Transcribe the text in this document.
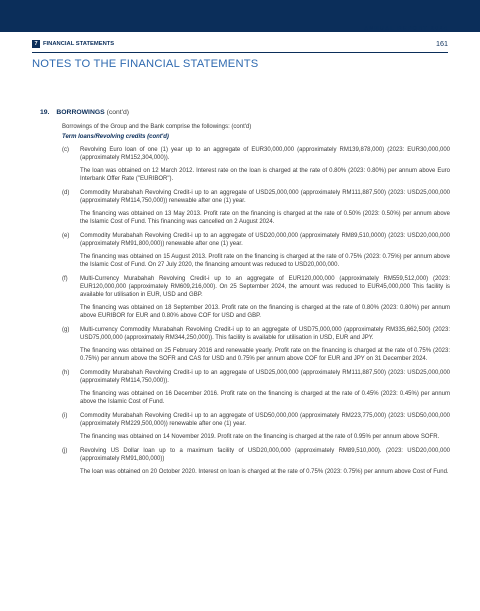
ANNUAL REPORT 2024
7 FINANCIAL STATEMENTS	161
NOTES TO THE FINANCIAL STATEMENTS
19. BORROWINGS (cont'd)
Borrowings of the Group and the Bank comprise the followings: (cont'd)
Term loans/Revolving credits (cont'd)
(c) Revolving Euro loan of one (1) year up to an aggregate of EUR30,000,000 (approximately RM139,878,000) (2023: EUR30,000,000 (approximately RM152,304,000)).

The loan was obtained on 12 March 2012. Interest rate on the loan is charged at the rate of 0.80% (2023: 0.80%) per annum above Euro Interbank Offer Rate ("EURIBOR").

(d) Commodity Murabahah Revolving Credit-i up to an aggregate of USD25,000,000 (approximately RM111,887,500) (2023: USD25,000,000 (approximately RM114,750,000)) renewable after one (1) year.

The financing was obtained on 13 May 2013. Profit rate on the financing is charged at the rate of 0.50% (2023: 0.50%) per annum above the Islamic Cost of Fund. This financing was cancelled on 2 August 2024.

(e) Commodity Murabahah Revolving Credit-i up to an aggregate of USD20,000,000 (approximately RM89,510,0000) (2023: USD20,000,000 (approximately RM91,800,000)) renewable after one (1) year.

The financing was obtained on 15 August 2013. Profit rate on the financing is charged at the rate of 0.75% (2023: 0.75%) per annum above the Islamic Cost of Fund. On 27 July 2020, the financing amount was reduced to USD20,000,000.

(f) Multi-Currency Murabahah Revolving Credit-i up to an aggregate of EUR120,000,000 (approximately RM559,512,000) (2023: EUR120,000,000 (approximately RM609,216,000). On 25 September 2024, the amount was reduced to EUR45,000,000 This facility is available for utilisation in EUR, USD and GBP.

The financing was obtained on 18 September 2013. Profit rate on the financing is charged at the rate of 0.80% (2023: 0.80%) per annum above EURIBOR for EUR and 0.80% above COF for USD and GBP.

(g) Multi-currency Commodity Murabahah Revolving Credit-i up to an aggregate of USD75,000,000 (approximately RM335,662,500) (2023: USD75,000,000 (approximately RM344,250,000)). This facility is available for utilisation in USD, EUR and JPY.

The financing was obtained on 25 February 2016 and renewable yearly. Profit rate on the financing is charged at the rate of 0.75% (2023: 0.75%) per annum above the SOFR and CAS for USD and 0.75% per annum above COF for EUR and JPY on 31 December 2024.

(h) Commodity Murabahah Revolving Credit-i up to an aggregate of USD25,000,000 (approximately RM111,887,500) (2023: USD25,000,000 (approximately RM114,750,000)).

The financing was obtained on 16 December 2016. Profit rate on the financing is charged at the rate of 0.45% (2023: 0.45%) per annum above the Islamic Cost of Fund.

(i) Commodity Murabahah Revolving Credit-i up to an aggregate of USD50,000,000 (approximately RM223,775,000) (2023: USD50,000,000 (approximately RM229,500,000)) renewable after one (1) year.

The financing was obtained on 14 November 2019. Profit rate on the financing is charged at the rate of 0.95% per annum above SOFR.

(j) Revolving US Dollar loan up to a maximum facility of USD20,000,000 (approximately RM89,510,000). (2023: USD20,000,000 (approximately RM91,800,000))

The loan was obtained on 20 October 2020. Interest on loan is charged at the rate of 0.75% (2023: 0.75%) per annum above Cost of Fund.
